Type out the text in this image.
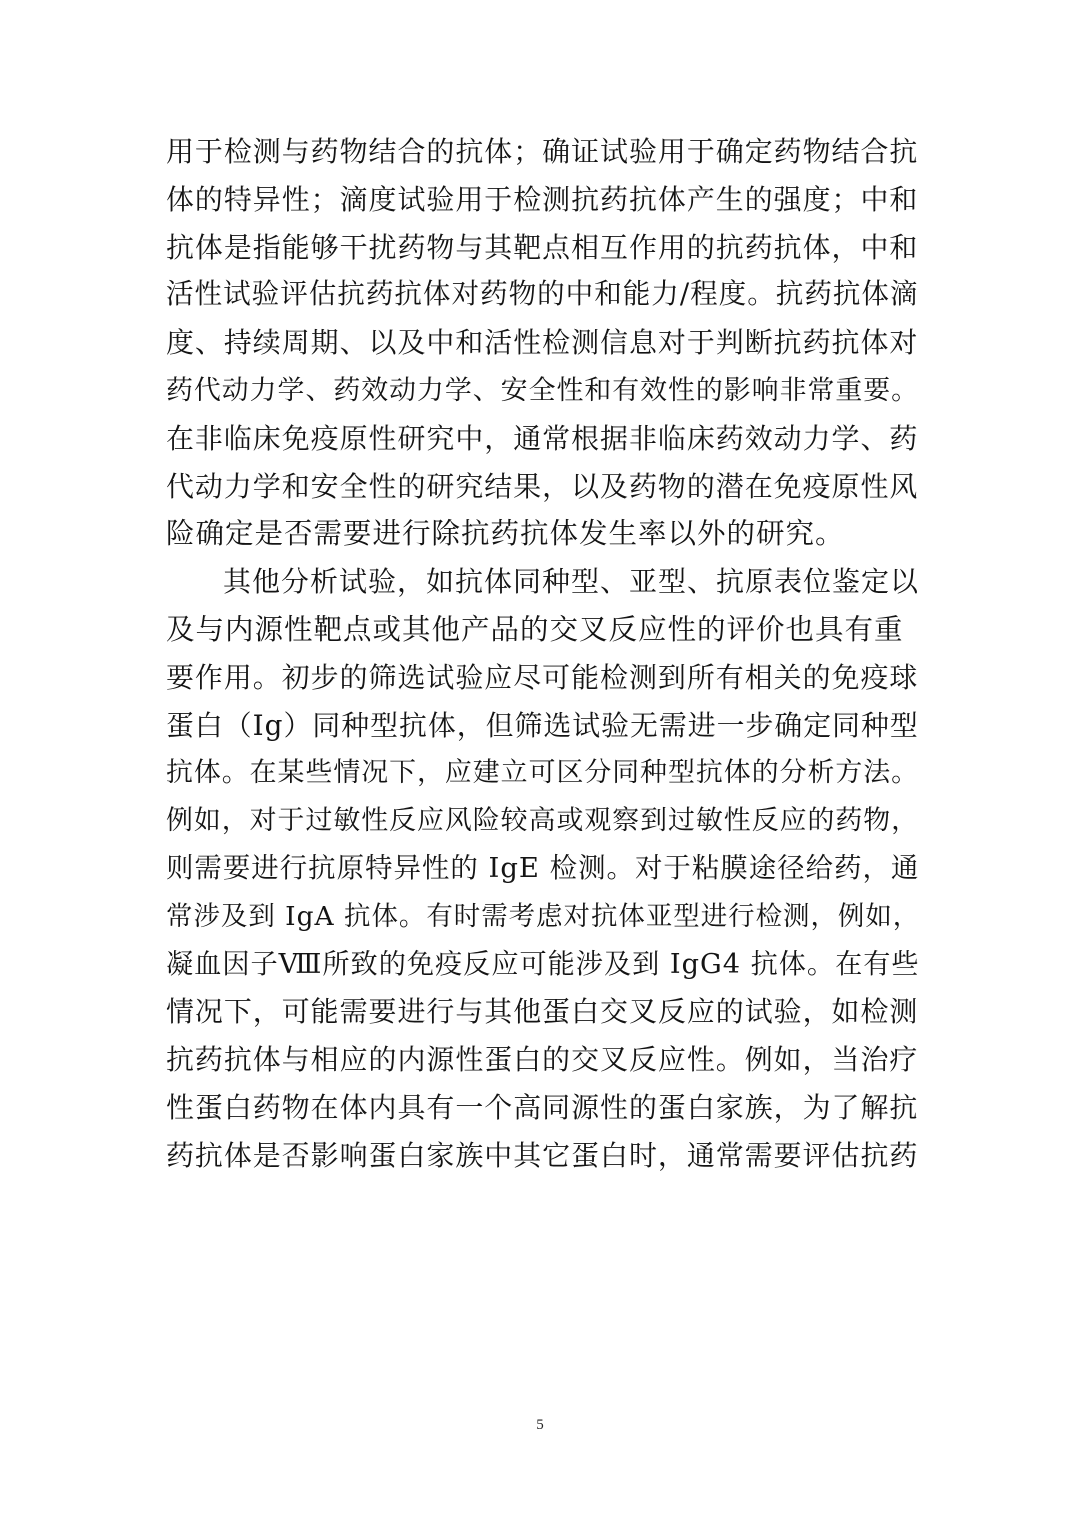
用于检测与药物结合的抗体；确证试验用于确定药物结合抗
体的特异性；滴度试验用于检测抗药抗体产生的强度；中和
抗体是指能够干扰药物与其靶点相互作用的抗药抗体，中和
活性试验评估抗药抗体对药物的中和能力/程度。抗药抗体滴
度、持续周期、以及中和活性检测信息对于判断抗药抗体对
药代动力学、药效动力学、安全性和有效性的影响非常重要。
在非临床免疫原性研究中，通常根据非临床药效动力学、药
代动力学和安全性的研究结果，以及药物的潜在免疫原性风
险确定是否需要进行除抗药抗体发生率以外的研究。
其他分析试验，如抗体同种型、亚型、抗原表位鉴定以
及与内源性靶点或其他产品的交叉反应性的评价也具有重
要作用。初步的筛选试验应尽可能检测到所有相关的免疫球
蛋白（Ig）同种型抗体，但筛选试验无需进一步确定同种型
抗体。在某些情况下，应建立可区分同种型抗体的分析方法。
例如，对于过敏性反应风险较高或观察到过敏性反应的药物，
则需要进行抗原特异性的 IgE 检测。对于粘膜途径给药，通
常涉及到 IgA 抗体。有时需考虑对抗体亚型进行检测，例如，
凝血因子Ⅷ所致的免疫反应可能涉及到 IgG4 抗体。在有些
情况下，可能需要进行与其他蛋白交叉反应的试验，如检测
抗药抗体与相应的内源性蛋白的交叉反应性。例如，当治疗
性蛋白药物在体内具有一个高同源性的蛋白家族，为了解抗
药抗体是否影响蛋白家族中其它蛋白时，通常需要评估抗药
5
